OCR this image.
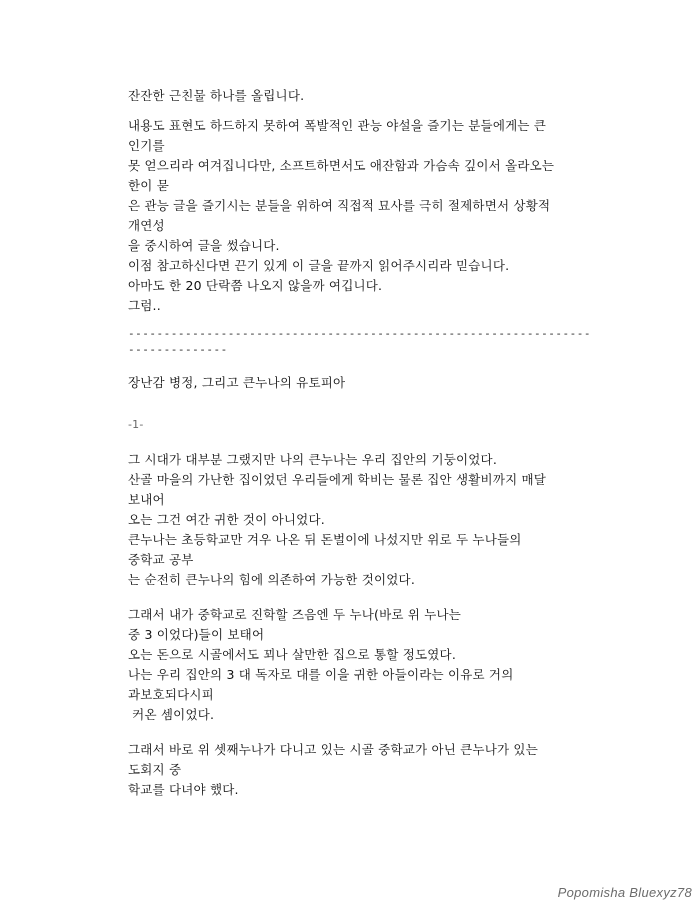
잔잔한 근친물 하나를 올립니다.
내용도 표현도 하드하지 못하여 폭발적인 관능 야설을 즐기는 분들에게는 큰
인기를
못 얻으리라 여겨집니다만, 소프트하면서도 애잔함과 가슴속 깊이서 올라오는
한이 묻
은 관능 글을 즐기시는 분들을 위하여 직접적 묘사를 극히 절제하면서 상황적
개연성
을 중시하여 글을 썼습니다.
이점 참고하신다면 끈기 있게 이 글을 끝까지 읽어주시리라 믿습니다.
아마도 한 20 단락쯤 나오지 않을까 여깁니다.
그럼..
-----------------------------------------------------------------
--------------
장난감 병정, 그리고 큰누나의 유토피아
-1-
그 시대가 대부분 그랬지만 나의 큰누나는 우리 집안의 기둥이었다.
산골 마을의 가난한 집이었던 우리들에게 학비는 물론 집안 생활비까지 매달
보내어
오는 그건 여간 귀한 것이 아니었다.
큰누나는 초등학교만 겨우 나온 뒤 돈벌이에 나섰지만 위로 두 누나들의
중학교 공부
는 순전히 큰누나의 힘에 의존하여 가능한 것이었다.
그래서 내가 중학교로 진학할 즈음엔 두 누나(바로 위 누나는
중 3 이었다)들이 보태어
오는 돈으로 시골에서도 꾀나 살만한 집으로 통할 정도였다.
나는 우리 집안의 3 대 독자로 대를 이을 귀한 아들이라는 이유로 거의
과보호되다시피
커온 셈이었다.
그래서 바로 위 셋째누나가 다니고 있는 시골 중학교가 아닌 큰누나가 있는
도회지 중
학교를 다녀야 했다.
Popomisha Bluexyz78
